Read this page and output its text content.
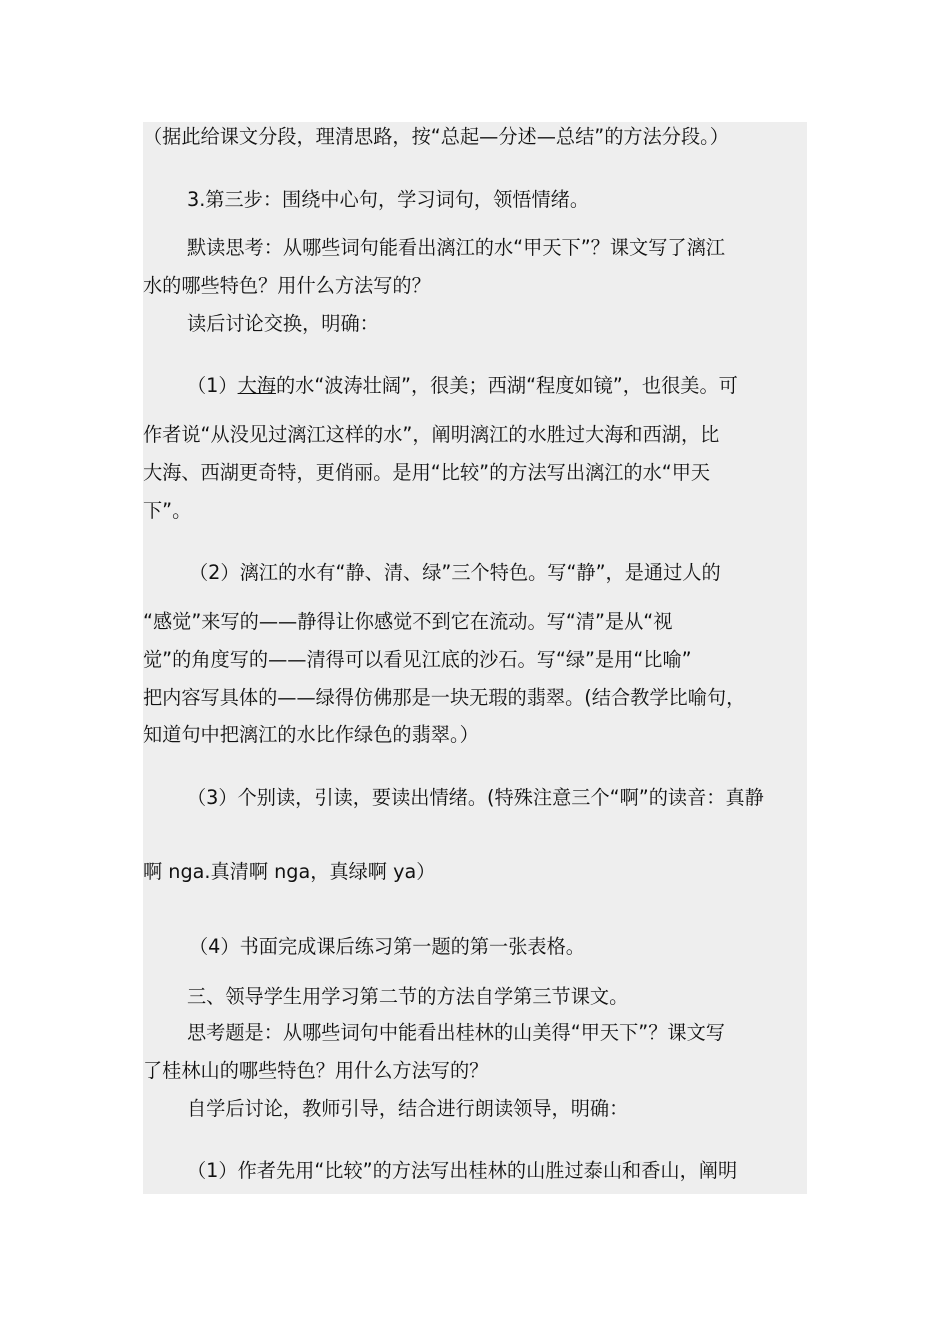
（据此给课文分段，理清思路，按“总起—分述—总结”的方法分段。）
3.第三步：围绕中心句，学习词句，领悟情绪。
默读思考：从哪些词句能看出漓江的水“甲天下”？课文写了漓江
水的哪些特色？用什么方法写的？
读后讨论交换，明确：
（1）大海的水“波涛壮阔”，很美；西湖“程度如镜”，也很美。可
作者说“从没见过漓江这样的水”，阐明漓江的水胜过大海和西湖，比
大海、西湖更奇特，更俏丽。是用“比较”的方法写出漓江的水“甲天
下”。
（2）漓江的水有“静、清、绿”三个特色。写“静”，是通过人的
“感觉”来写的——静得让你感觉不到它在流动。写“清”是从“视
觉”的角度写的——清得可以看见江底的沙石。写“绿”是用“比喻”
把内容写具体的——绿得仿佛那是一块无瑕的翡翠。(结合教学比喻句，
知道句中把漓江的水比作绿色的翡翠。）
（3）个别读，引读，要读出情绪。(特殊注意三个“啊”的读音：真静
啊 nga.真清啊 nga，真绿啊 ya）
（4）书面完成课后练习第一题的第一张表格。
三、领导学生用学习第二节的方法自学第三节课文。
思考题是：从哪些词句中能看出桂林的山美得“甲天下”？课文写
了桂林山的哪些特色？用什么方法写的？
自学后讨论，教师引导，结合进行朗读领导，明确：
（1）作者先用“比较”的方法写出桂林的山胜过泰山和香山，阐明
